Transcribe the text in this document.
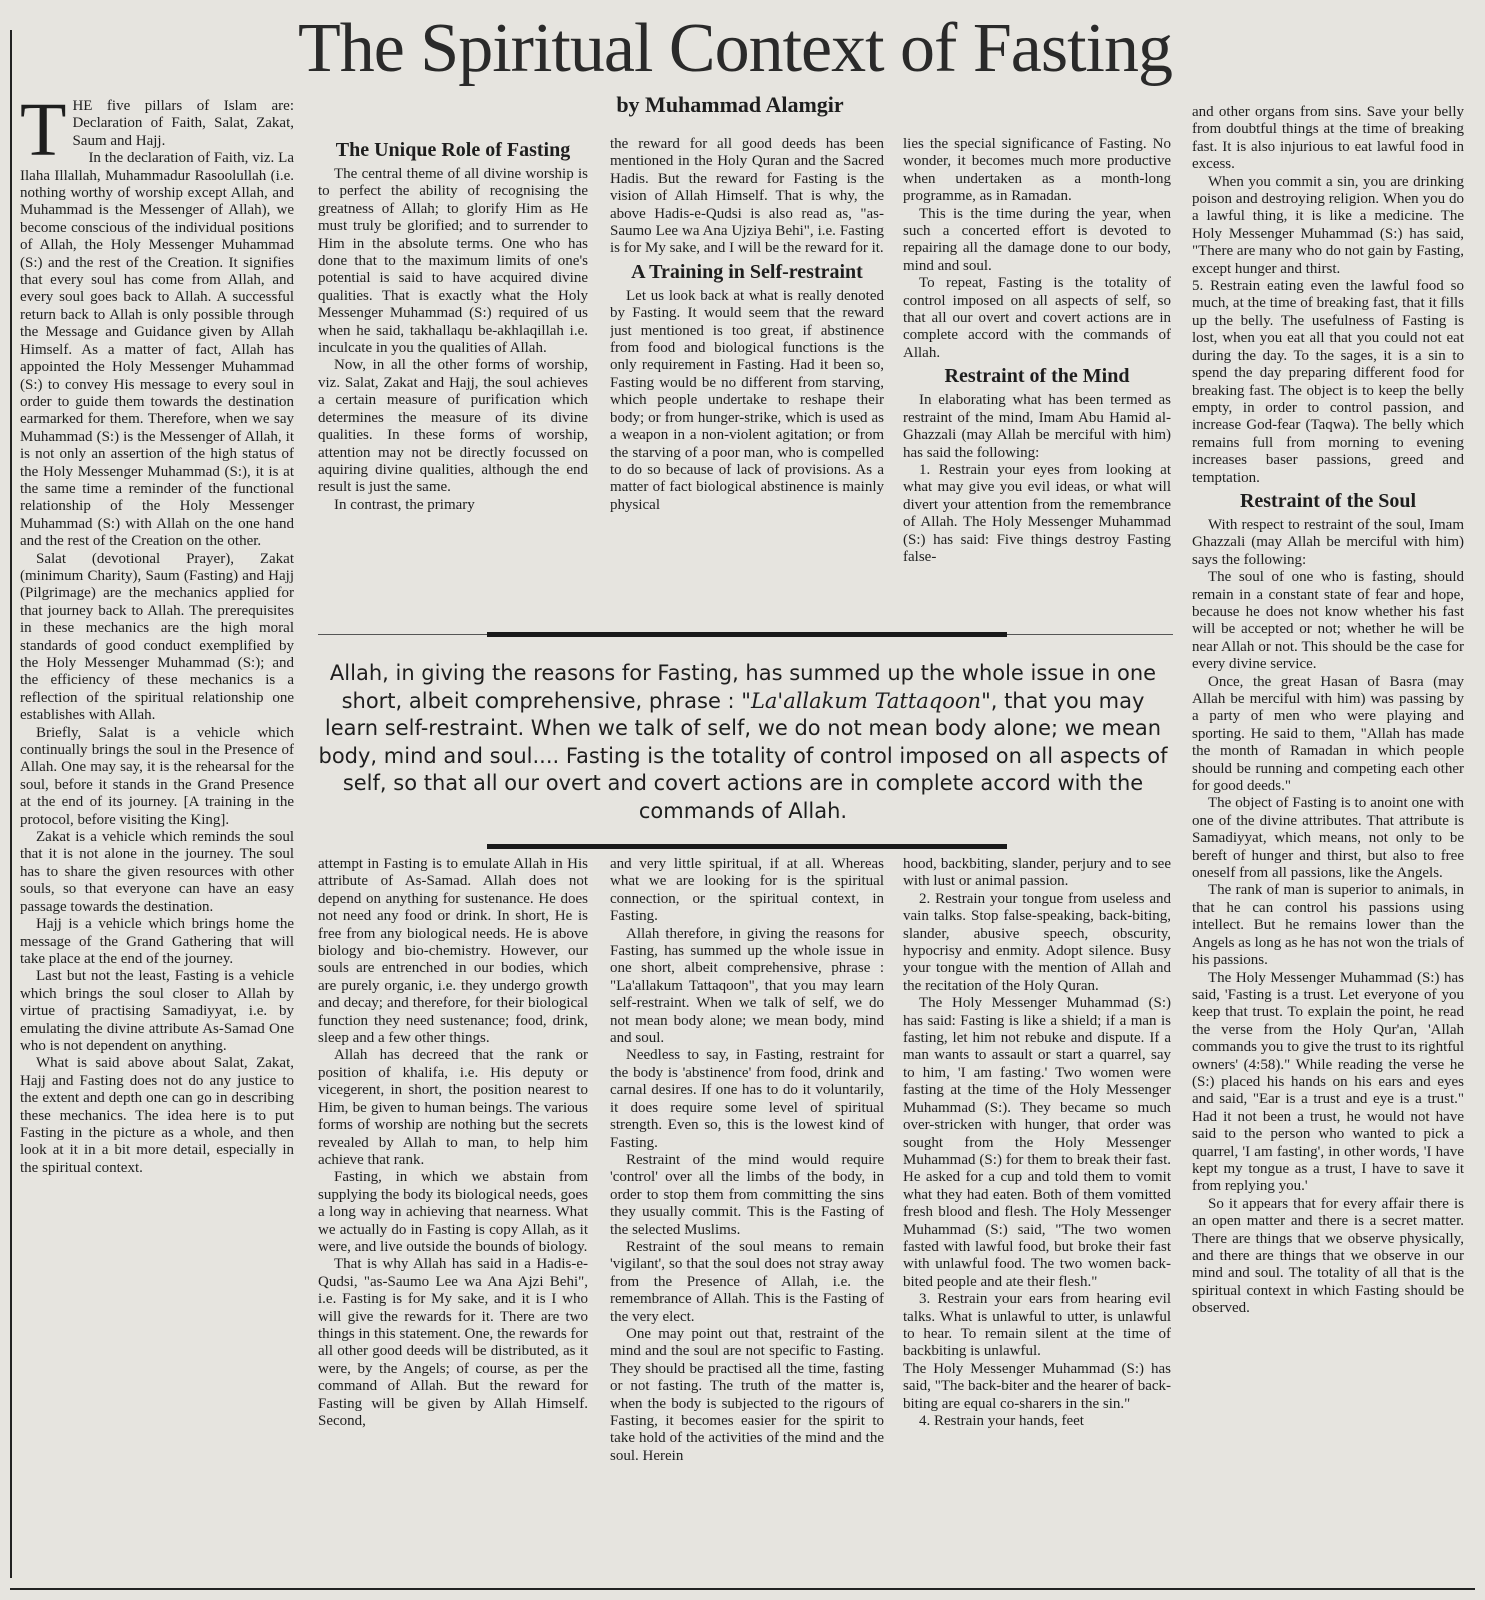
The Spiritual Context of Fasting
by Muhammad Alamgir

THE five pillars of Islam are: Declaration of Faith, Salat, Zakat, Saum and Hajj.

In the declaration of Faith, viz. La Ilaha Illallah, Muhammadur Rasoolullah (i.e. nothing worthy of worship except Allah, and Muhammad is the Messenger of Allah), we become conscious of the individual positions of Allah, the Holy Messenger Muhammad (S:) and the rest of the Creation. It signifies that every soul has come from Allah, and every soul goes back to Allah. A successful return back to Allah is only possible through the Message and Guidance given by Allah Himself. As a matter of fact, Allah has appointed the Holy Messenger Muhammad (S:) to convey His message to every soul in order to guide them towards the destination earmarked for them. Therefore, when we say Muhammad (S:) is the Messenger of Allah, it is not only an assertion of the high status of the Holy Messenger Muhammad (S:), it is at the same time a reminder of the functional relationship of the Holy Messenger Muhammad (S:) with Allah on the one hand and the rest of the Creation on the other.

Salat (devotional Prayer), Zakat (minimum Charity), Saum (Fasting) and Hajj (Pilgrimage) are the mechanics applied for that journey back to Allah. The prerequisites in these mechanics are the high moral standards of good conduct exemplified by the Holy Messenger Muhammad (S:); and the efficiency of these mechanics is a reflection of the spiritual relationship one establishes with Allah.

Briefly, Salat is a vehicle which continually brings the soul in the Presence of Allah. One may say, it is the rehearsal for the soul, before it stands in the Grand Presence at the end of its journey. [A training in the protocol, before visiting the King].

Zakat is a vehicle which reminds the soul that it is not alone in the journey. The soul has to share the given resources with other souls, so that everyone can have an easy passage towards the destination.

Hajj is a vehicle which brings home the message of the Grand Gathering that will take place at the end of the journey.

Last but not the least, Fasting is a vehicle which brings the soul closer to Allah by virtue of practising Samadiyyat, i.e. by emulating the divine attribute As-Samad One who is not dependent on anything.

What is said above about Salat, Zakat, Hajj and Fasting does not do any justice to the extent and depth one can go in describing these mechanics. The idea here is to put Fasting in the picture as a whole, and then look at it in a bit more detail, especially in the spiritual context.

The Unique Role of Fasting

The central theme of all divine worship is to perfect the ability of recognising the greatness of Allah; to glorify Him as He must truly be glorified; and to surrender to Him in the absolute terms. One who has done that to the maximum limits of one's potential is said to have acquired divine qualities. That is exactly what the Holy Messenger Muhammad (S:) required of us when he said, takhallaqu be-akhlaqillah i.e. inculcate in you the qualities of Allah.

Now, in all the other forms of worship, viz. Salat, Zakat and Hajj, the soul achieves a certain measure of purification which determines the measure of its divine qualities. In these forms of worship, attention may not be directly focussed on aquiring divine qualities, although the end result is just the same.

In contrast, the primary

the reward for all good deeds has been mentioned in the Holy Quran and the Sacred Hadis. But the reward for Fasting is the vision of Allah Himself. That is why, the above Hadis-e-Qudsi is also read as, "as-Saumo Lee wa Ana Ujziya Behi", i.e. Fasting is for My sake, and I will be the reward for it.

A Training in Self-restraint

Let us look back at what is really denoted by Fasting. It would seem that the reward just mentioned is too great, if abstinence from food and biological functions is the only requirement in Fasting. Had it been so, Fasting would be no different from starving, which people undertake to reshape their body; or from hunger-strike, which is used as a weapon in a non-violent agitation; or from the starving of a poor man, who is compelled to do so because of lack of provisions. As a matter of fact biological abstinence is mainly physical

lies the special significance of Fasting. No wonder, it becomes much more productive when undertaken as a month-long programme, as in Ramadan.

This is the time during the year, when such a concerted effort is devoted to repairing all the damage done to our body, mind and soul.

To repeat, Fasting is the totality of control imposed on all aspects of self, so that all our overt and covert actions are in complete accord with the commands of Allah.

Restraint of the Mind

In elaborating what has been termed as restraint of the mind, Imam Abu Hamid al-Ghazzali (may Allah be merciful with him) has said the following:

1. Restrain your eyes from looking at what may give you evil ideas, or what will divert your attention from the remembrance of Allah. The Holy Messenger Muhammad (S:) has said: Five things destroy Fasting false-

Allah, in giving the reasons for Fasting, has summed up the whole issue in one short, albeit comprehensive, phrase : "La'allakum Tattaqoon", that you may learn self-restraint. When we talk of self, we do not mean body alone; we mean body, mind and soul.... Fasting is the totality of control imposed on all aspects of self, so that all our overt and covert actions are in complete accord with the commands of Allah.

attempt in Fasting is to emulate Allah in His attribute of As-Samad. Allah does not depend on anything for sustenance. He does not need any food or drink. In short, He is free from any biological needs. He is above biology and bio-chemistry. However, our souls are entrenched in our bodies, which are purely organic, i.e. they undergo growth and decay; and therefore, for their biological function they need sustenance; food, drink, sleep and a few other things.

Allah has decreed that the rank or position of khalifa, i.e. His deputy or vicegerent, in short, the position nearest to Him, be given to human beings. The various forms of worship are nothing but the secrets revealed by Allah to man, to help him achieve that rank.

Fasting, in which we abstain from supplying the body its biological needs, goes a long way in achieving that nearness. What we actually do in Fasting is copy Allah, as it were, and live outside the bounds of biology.

That is why Allah has said in a Hadis-e-Qudsi, "as-Saumo Lee wa Ana Ajzi Behi", i.e. Fasting is for My sake, and it is I who will give the rewards for it. There are two things in this statement. One, the rewards for all other good deeds will be distributed, as it were, by the Angels; of course, as per the command of Allah. But the reward for Fasting will be given by Allah Himself. Second,

and very little spiritual, if at all. Whereas what we are looking for is the spiritual connection, or the spiritual context, in Fasting.

Allah therefore, in giving the reasons for Fasting, has summed up the whole issue in one short, albeit comprehensive, phrase : "La'allakum Tattaqoon", that you may learn self-restraint. When we talk of self, we do not mean body alone; we mean body, mind and soul.

Needless to say, in Fasting, restraint for the body is 'abstinence' from food, drink and carnal desires. If one has to do it voluntarily, it does require some level of spiritual strength. Even so, this is the lowest kind of Fasting.

Restraint of the mind would require 'control' over all the limbs of the body, in order to stop them from committing the sins they usually commit. This is the Fasting of the selected Muslims.

Restraint of the soul means to remain 'vigilant', so that the soul does not stray away from the Presence of Allah, i.e. the remembrance of Allah. This is the Fasting of the very elect.

One may point out that, restraint of the mind and the soul are not specific to Fasting. They should be practised all the time, fasting or not fasting. The truth of the matter is, when the body is subjected to the rigours of Fasting, it becomes easier for the spirit to take hold of the activities of the mind and the soul. Herein

hood, backbiting, slander, perjury and to see with lust or animal passion.

2. Restrain your tongue from useless and vain talks. Stop false-speaking, back-biting, slander, abusive speech, obscurity, hypocrisy and enmity. Adopt silence. Busy your tongue with the mention of Allah and the recitation of the Holy Quran.

The Holy Messenger Muhammad (S:) has said: Fasting is like a shield; if a man is fasting, let him not rebuke and dispute. If a man wants to assault or start a quarrel, say to him, 'I am fasting.' Two women were fasting at the time of the Holy Messenger Muhammad (S:). They became so much over-stricken with hunger, that order was sought from the Holy Messenger Muhammad (S:) for them to break their fast. He asked for a cup and told them to vomit what they had eaten. Both of them vomitted fresh blood and flesh. The Holy Messenger Muhammad (S:) said, "The two women fasted with lawful food, but broke their fast with unlawful food. The two women back-bited people and ate their flesh."

3. Restrain your ears from hearing evil talks. What is unlawful to utter, is unlawful to hear. To remain silent at the time of backbiting is unlawful.

The Holy Messenger Muhammad (S:) has said, "The back-biter and the hearer of back-biting are equal co-sharers in the sin."

4. Restrain your hands, feet

and other organs from sins. Save your belly from doubtful things at the time of breaking fast. It is also injurious to eat lawful food in excess.

When you commit a sin, you are drinking poison and destroying religion. When you do a lawful thing, it is like a medicine. The Holy Messenger Muhammad (S:) has said, "There are many who do not gain by Fasting, except hunger and thirst.

5. Restrain eating even the lawful food so much, at the time of breaking fast, that it fills up the belly. The usefulness of Fasting is lost, when you eat all that you could not eat during the day. To the sages, it is a sin to spend the day preparing different food for breaking fast. The object is to keep the belly empty, in order to control passion, and increase God-fear (Taqwa). The belly which remains full from morning to evening increases baser passions, greed and temptation.

Restraint of the Soul

With respect to restraint of the soul, Imam Ghazzali (may Allah be merciful with him) says the following:

The soul of one who is fasting, should remain in a constant state of fear and hope, because he does not know whether his fast will be accepted or not; whether he will be near Allah or not. This should be the case for every divine service.

Once, the great Hasan of Basra (may Allah be merciful with him) was passing by a party of men who were playing and sporting. He said to them, "Allah has made the month of Ramadan in which people should be running and competing each other for good deeds."

The object of Fasting is to anoint one with one of the divine attributes. That attribute is Samadiyyat, which means, not only to be bereft of hunger and thirst, but also to free oneself from all passions, like the Angels.

The rank of man is superior to animals, in that he can control his passions using intellect. But he remains lower than the Angels as long as he has not won the trials of his passions.

The Holy Messenger Muhammad (S:) has said, 'Fasting is a trust. Let everyone of you keep that trust. To explain the point, he read the verse from the Holy Qur'an, 'Allah commands you to give the trust to its rightful owners' (4:58)." While reading the verse he (S:) placed his hands on his ears and eyes and said, "Ear is a trust and eye is a trust." Had it not been a trust, he would not have said to the person who wanted to pick a quarrel, 'I am fasting', in other words, 'I have kept my tongue as a trust, I have to save it from replying you.'

So it appears that for every affair there is an open matter and there is a secret matter. There are things that we observe physically, and there are things that we observe in our mind and soul. The totality of all that is the spiritual context in which Fasting should be observed.
